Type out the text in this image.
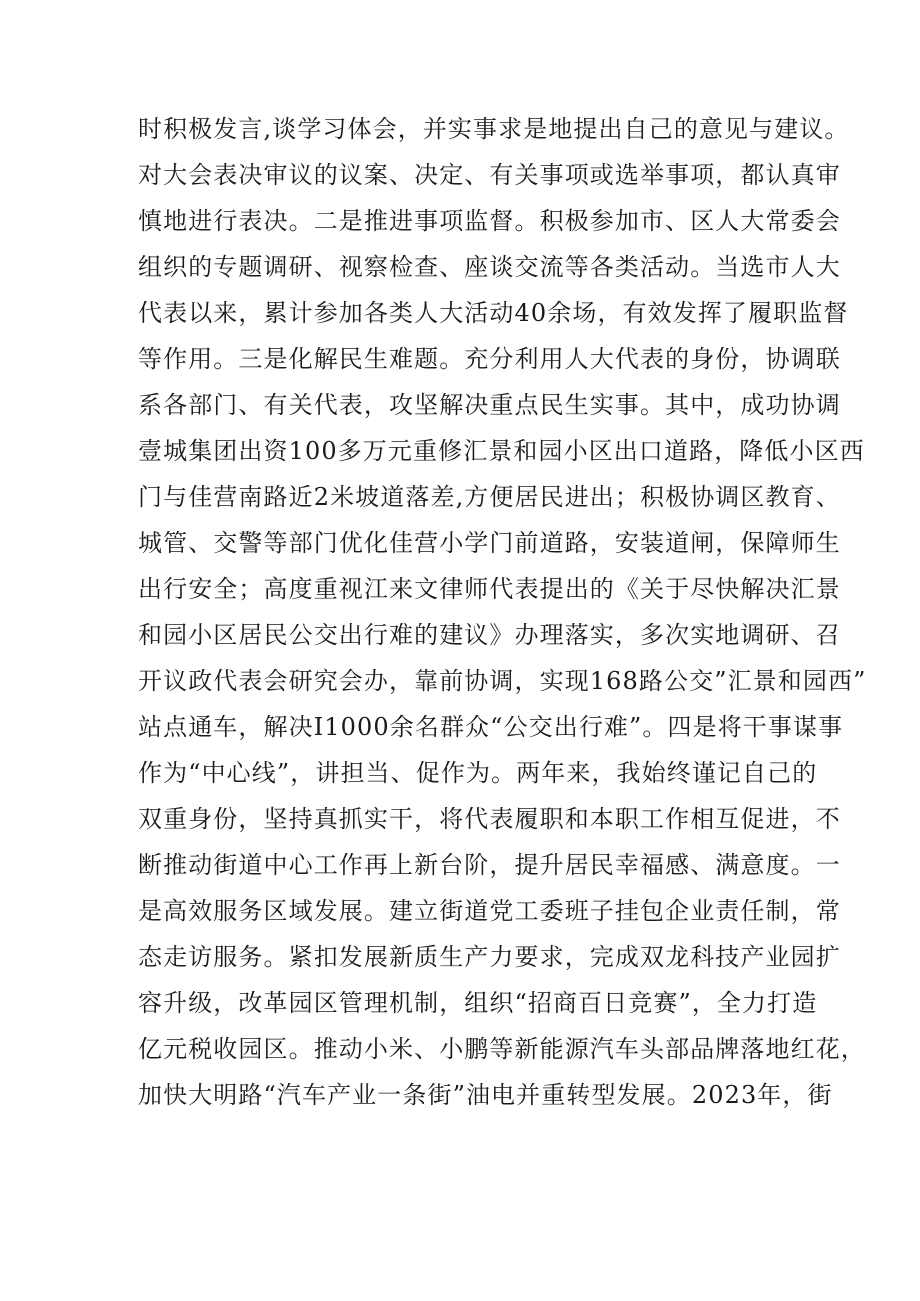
时积极发言,谈学习体会，并实事求是地提出自己的意见与建议。
对大会表决审议的议案、决定、有关事项或选举事项，都认真审
慎地进行表决。二是推进事项监督。积极参加市、区人大常委会
组织的专题调研、视察检查、座谈交流等各类活动。当选市人大
代表以来，累计参加各类人大活动40余场，有效发挥了履职监督
等作用。三是化解民生难题。充分利用人大代表的身份，协调联
系各部门、有关代表，攻坚解决重点民生实事。其中，成功协调
壹城集团出资100多万元重修汇景和园小区出口道路，降低小区西
门与佳营南路近2米坡道落差,方便居民进出；积极协调区教育、
城管、交警等部门优化佳营小学门前道路，安装道闸，保障师生
出行安全；高度重视江来文律师代表提出的《关于尽快解决汇景
和园小区居民公交出行难的建议》办理落实，多次实地调研、召
开议政代表会研究会办，靠前协调，实现168路公交”汇景和园西”
站点通车，解决I1000余名群众“公交出行难”。四是将干事谋事
作为“中心线”，讲担当、促作为。两年来，我始终谨记自己的
双重身份，坚持真抓实干，将代表履职和本职工作相互促进，不
断推动街道中心工作再上新台阶，提升居民幸福感、满意度。一
是高效服务区域发展。建立街道党工委班子挂包企业责任制，常
态走访服务。紧扣发展新质生产力要求，完成双龙科技产业园扩
容升级，改革园区管理机制，组织“招商百日竞赛”，全力打造
亿元税收园区。推动小米、小鹏等新能源汽车头部品牌落地红花，
加快大明路“汽车产业一条街”油电并重转型发展。2023年，街
